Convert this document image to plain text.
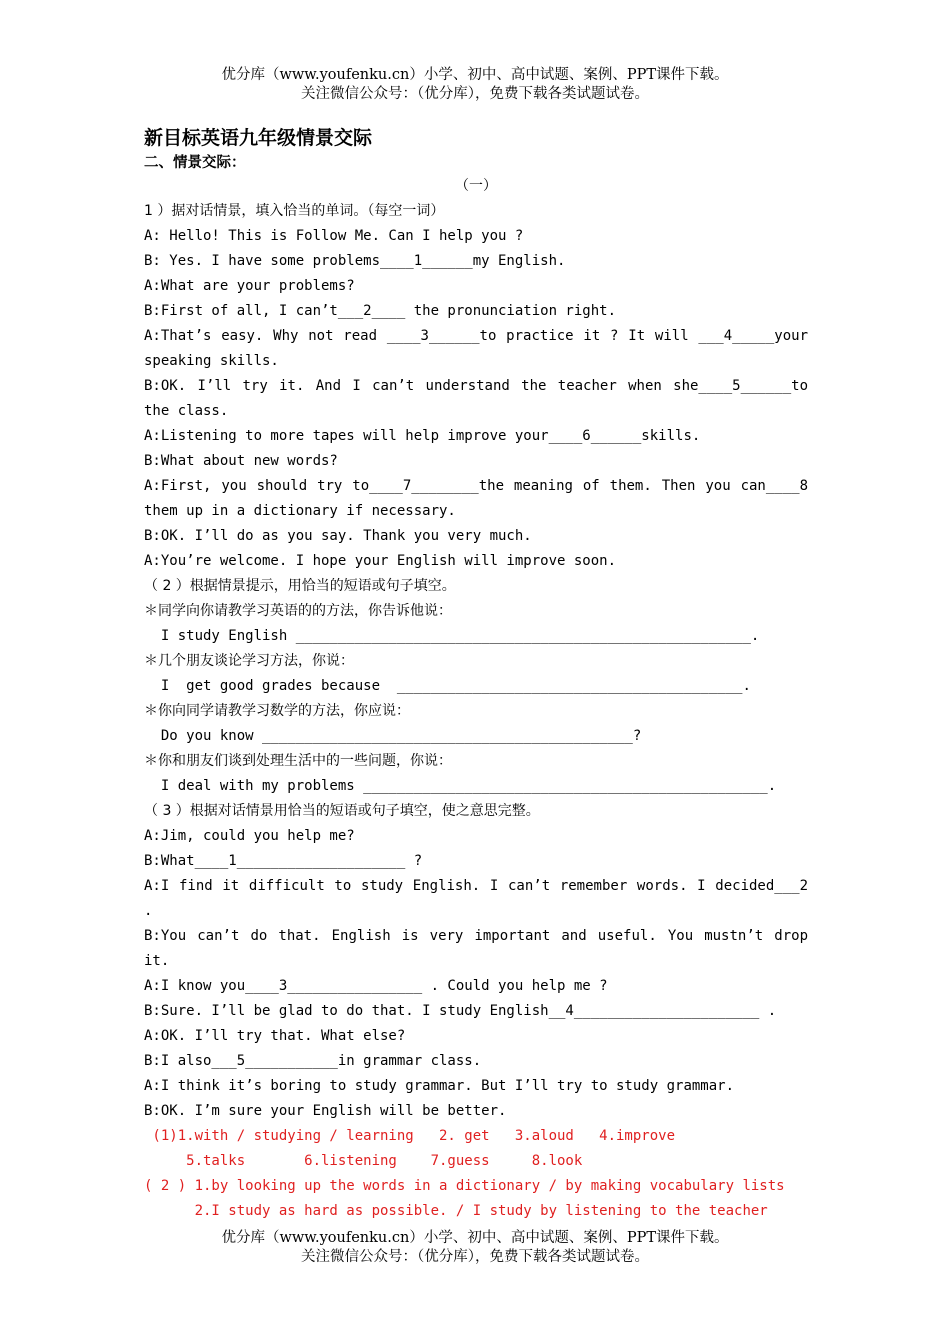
优分库（www.youfenku.cn）小学、初中、高中试题、案例、PPT课件下载。
关注微信公众号：（优分库），免费下载各类试题试卷。
新目标英语九年级情景交际
二、情景交际：
（一）
1 ）据对话情景，填入恰当的单词。（每空一词）
A: Hello! This is Follow Me. Can I help you ?
B: Yes. I have some problems____1______my English.
A:What are your problems?
B:First of all, I can’t___2____ the pronunciation right.
A:That’s easy. Why not read ____3______to practice it ? It will ___4_____your
speaking skills.
B:OK. I’ll try it. And I can’t understand the teacher when she____5______to
the class.
A:Listening to more tapes will help improve your____6______skills.
B:What about new words?
A:First, you should try to____7________the meaning of them. Then you can____8
them up in a dictionary if necessary.
B:OK. I’ll do as you say. Thank you very much.
A:You’re welcome. I hope your English will improve soon.
（ 2 ）根据情景提示，用恰当的短语或句子填空。
＊同学向你请教学习英语的的方法，你告诉他说：
I study English ______________________________________________________.
＊几个朋友谈论学习方法，你说：
I  get good grades because  _________________________________________.
＊你向同学请教学习数学的方法，你应说：
Do you know ____________________________________________?
＊你和朋友们谈到处理生活中的一些问题，你说：
I deal with my problems ________________________________________________.
（ 3 ）根据对话情景用恰当的短语或句子填空，使之意思完整。
A:Jim, could you help me?
B:What____1____________________ ?
A:I find it difficult to study English. I can’t remember words. I decided___2
.
B:You can’t do that. English is very important and useful. You mustn’t drop
it.
A:I know you____3________________ . Could you help me ?
B:Sure. I’ll be glad to do that. I study English__4______________________ .
A:OK. I’ll try that. What else?
B:I also___5___________in grammar class.
A:I think it’s boring to study grammar. But I’ll try to study grammar.
B:OK. I’m sure your English will be better.
(1)1.with / studying / learning   2. get   3.aloud   4.improve
5.talks       6.listening    7.guess     8.look
( 2 ) 1.by looking up the words in a dictionary / by making vocabulary lists
2.I study as hard as possible. / I study by listening to the teacher
优分库（www.youfenku.cn）小学、初中、高中试题、案例、PPT课件下载。
关注微信公众号：（优分库），免费下载各类试题试卷。
